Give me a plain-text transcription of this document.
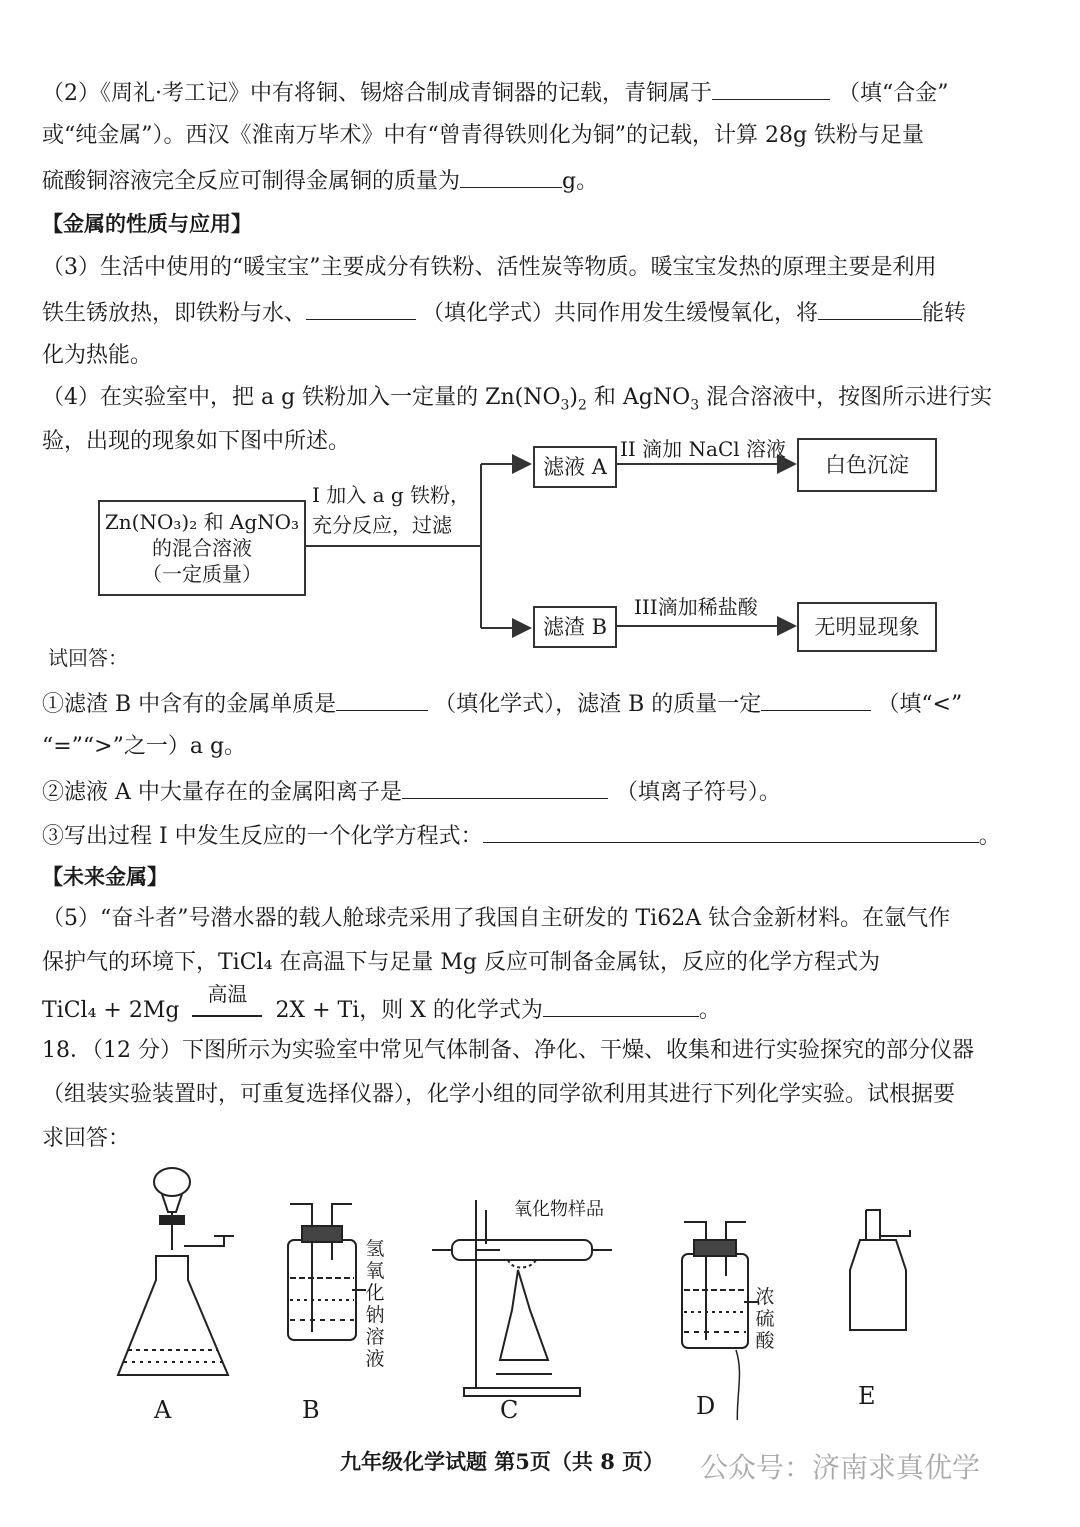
（2）《周礼·考工记》中有将铜、锡熔合制成青铜器的记载，青铜属于	（填“合金”
或“纯金属”）。西汉《淮南万毕术》中有“曾青得铁则化为铜”的记载，计算 28g 铁粉与足量
硫酸铜溶液完全反应可制得金属铜的质量为	g。
【金属的性质与应用】
（3）生活中使用的“暖宝宝”主要成分有铁粉、活性炭等物质。暖宝宝发热的原理主要是利用
铁生锈放热，即铁粉与水、	（填化学式）共同作用发生缓慢氧化，将	能转
化为热能。
（4）在实验室中，把 a g 铁粉加入一定量的 $Zn(NO_3)_2$ 和 AgNO$_3$ 混合溶液中，按图所示进行实
验，出现的现象如下图中所述。
Zn(NO₃)₂ 和 AgNO₃
的混合溶液
（一定质量）
I 加入 a g 铁粉，
充分反应，过滤
滤液 A
II 滴加 NaCl 溶液
白色沉淀
滤渣 B
III滴加稀盐酸
无明显现象
试回答：
①滤渣 B 中含有的金属单质是	（填化学式），滤渣 B 的质量一定	（填“<”
“=”“>”之一）a g。
②滤液 A 中大量存在的金属阳离子是	（填离子符号）。
③写出过程 I 中发生反应的一个化学方程式：	。
【未来金属】
（5）“奋斗者”号潜水器的载人舱球壳采用了我国自主研发的 Ti62A 钛合金新材料。在氩气作
保护气的环境下，TiCl₄ 在高温下与足量 Mg 反应可制备金属钛，反应的化学方程式为
TiCl₄ + 2Mg
高温
2X + Ti，则 X 的化学式为	。
18．（12 分）下图所示为实验室中常见气体制备、净化、干燥、收集和进行实验探究的部分仪器
（组装实验装置时，可重复选择仪器），化学小组的同学欲利用其进行下列化学实验。试根据要
求回答：
氧化物样品
氢
氧
化
钠
溶
液
浓
硫
酸
A	B	C	D	E
九年级化学试题 第5页（共 8 页） 公众号：济南求真优学
